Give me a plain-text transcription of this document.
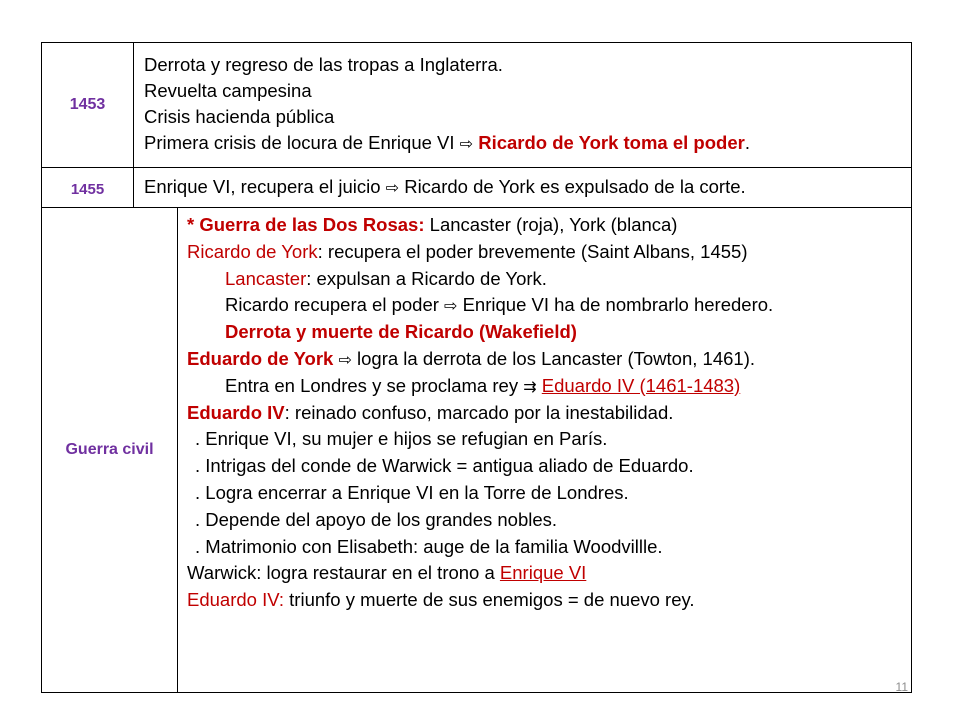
1453
Derrota y regreso de las tropas a Inglaterra.
Revuelta campesina
Crisis hacienda pública
Primera crisis de locura de Enrique VI ⇨ Ricardo de York toma el poder.
1455	Enrique VI, recupera el juicio ⇨ Ricardo de York es expulsado de la corte.
Guerra civil
* Guerra de las Dos Rosas: Lancaster (roja), York (blanca)
Ricardo de York: recupera el poder brevemente (Saint Albans, 1455)
Lancaster: expulsan a Ricardo de York.
Ricardo recupera el poder ⇨ Enrique VI ha de nombrarlo heredero.
Derrota y muerte de Ricardo (Wakefield)
Eduardo de York ⇨ logra la derrota de los Lancaster (Towton, 1461).
Entra en Londres y se proclama rey ⇉ Eduardo IV (1461-1483)
Eduardo IV: reinado confuso, marcado por la inestabilidad.
. Enrique VI, su mujer e hijos se refugian en París.
. Intrigas del conde de Warwick = antigua aliado de Eduardo.
. Logra encerrar a Enrique VI en la Torre de Londres.
. Depende del apoyo de los grandes nobles.
. Matrimonio con Elisabeth: auge de la familia Woodvillle.
Warwick: logra restaurar en el trono a Enrique VI
Eduardo IV: triunfo y muerte de sus enemigos = de nuevo rey.
11
